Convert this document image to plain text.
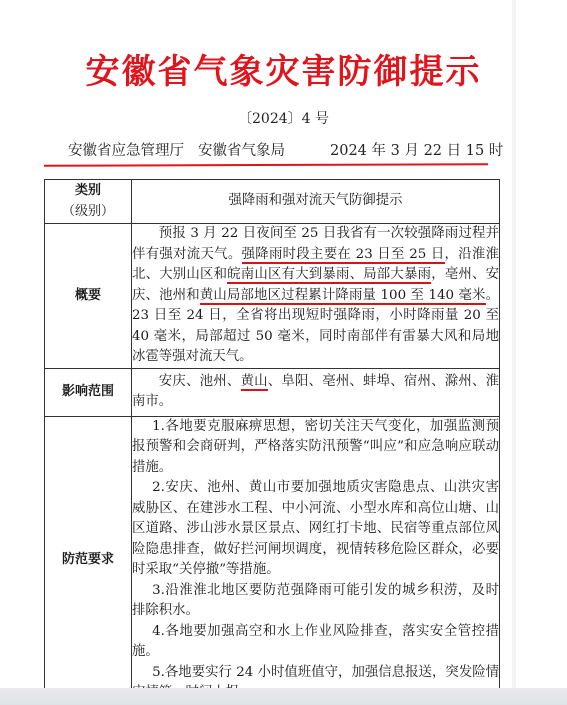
安徽省气象灾害防御提示
〔2024〕4 号
安徽省应急管理厅 安徽省气象局	2024 年 3 月 22 日 15 时
类别
（级别）	强降雨和强对流天气防御提示
概要	预报 3 月 22 日夜间至 25 日我省有一次较强降雨过程并伴有强对流天气。强降雨时段主要在 23 日至 25 日，沿淮淮北、大别山区和皖南山区有大到暴雨、局部大暴雨，亳州、安庆、池州和黄山局部地区过程累计降雨量 100 至 140 毫米。23 日至 24 日，全省将出现短时强降雨，小时降雨量 20 至 40 毫米，局部超过 50 毫米，同时南部伴有雷暴大风和局地冰雹等强对流天气。

影响范围	安庆、池州、黄山、阜阳、亳州、蚌埠、宿州、滁州、淮南市。

防范要求	1.各地要克服麻痹思想，密切关注天气变化，加强监测预报预警和会商研判，严格落实防汛预警“叫应”和应急响应联动措施。

2.安庆、池州、黄山市要加强地质灾害隐患点、山洪灾害威胁区、在建涉水工程、中小河流、小型水库和高位山塘、山区道路、涉山涉水景区景点、网红打卡地、民宿等重点部位风险隐患排查，做好拦河闸坝调度，视情转移危险区群众，必要时采取“关停撤”等措施。

3.沿淮淮北地区要防范强降雨可能引发的城乡积涝，及时排除积水。

4.各地要加强高空和水上作业风险排查，落实安全管控措施。

5.各地要实行 24 小时值班值守，加强信息报送，突发险情
